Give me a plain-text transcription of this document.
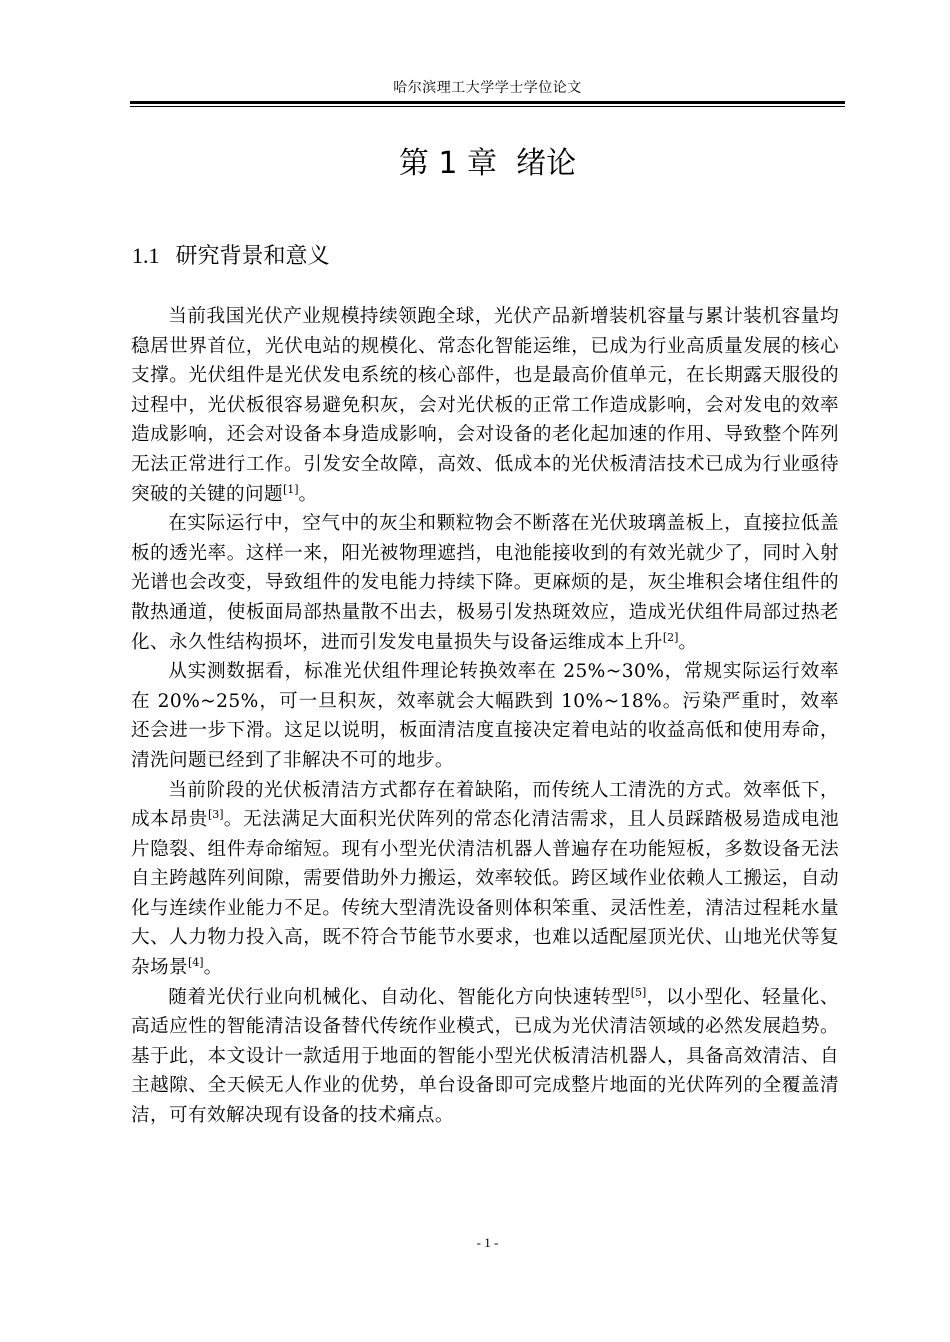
哈尔滨理工大学学士学位论文
第 1 章 绪论
1.1 研究背景和意义

当前我国光伏产业规模持续领跑全球，光伏产品新增装机容量与累计装机容量均稳居世界首位，光伏电站的规模化、常态化智能运维，已成为行业高质量发展的核心支撑。光伏组件是光伏发电系统的核心部件，也是最高价值单元，在长期露天服役的过程中，光伏板很容易避免积灰，会对光伏板的正常工作造成影响，会对发电的效率造成影响，还会对设备本身造成影响，会对设备的老化起加速的作用、导致整个阵列无法正常进行工作。引发安全故障，高效、低成本的光伏板清洁技术已成为行业亟待突破的关键的问题[1]。

在实际运行中，空气中的灰尘和颗粒物会不断落在光伏玻璃盖板上，直接拉低盖板的透光率。这样一来，阳光被物理遮挡，电池能接收到的有效光就少了，同时入射光谱也会改变，导致组件的发电能力持续下降。更麻烦的是，灰尘堆积会堵住组件的散热通道，使板面局部热量散不出去，极易引发热斑效应，造成光伏组件局部过热老化、永久性结构损坏，进而引发发电量损失与设备运维成本上升[2]。

从实测数据看，标准光伏组件理论转换效率在 25%~30%，常规实际运行效率在 20%~25%，可一旦积灰，效率就会大幅跌到 10%~18%。污染严重时，效率还会进一步下滑。这足以说明，板面清洁度直接决定着电站的收益高低和使用寿命，清洗问题已经到了非解决不可的地步。

当前阶段的光伏板清洁方式都存在着缺陷，而传统人工清洗的方式。效率低下，成本昂贵[3]。无法满足大面积光伏阵列的常态化清洁需求，且人员踩踏极易造成电池片隐裂、组件寿命缩短。现有小型光伏清洁机器人普遍存在功能短板，多数设备无法自主跨越阵列间隙，需要借助外力搬运，效率较低。跨区域作业依赖人工搬运，自动化与连续作业能力不足。传统大型清洗设备则体积笨重、灵活性差，清洁过程耗水量大、人力物力投入高，既不符合节能节水要求，也难以适配屋顶光伏、山地光伏等复杂场景[4]。

随着光伏行业向机械化、自动化、智能化方向快速转型[5]，以小型化、轻量化、高适应性的智能清洁设备替代传统作业模式，已成为光伏清洁领域的必然发展趋势。基于此，本文设计一款适用于地面的智能小型光伏板清洁机器人，具备高效清洁、自主越隙、全天候无人作业的优势，单台设备即可完成整片地面的光伏阵列的全覆盖清洁，可有效解决现有设备的技术痛点。

- 1 -
